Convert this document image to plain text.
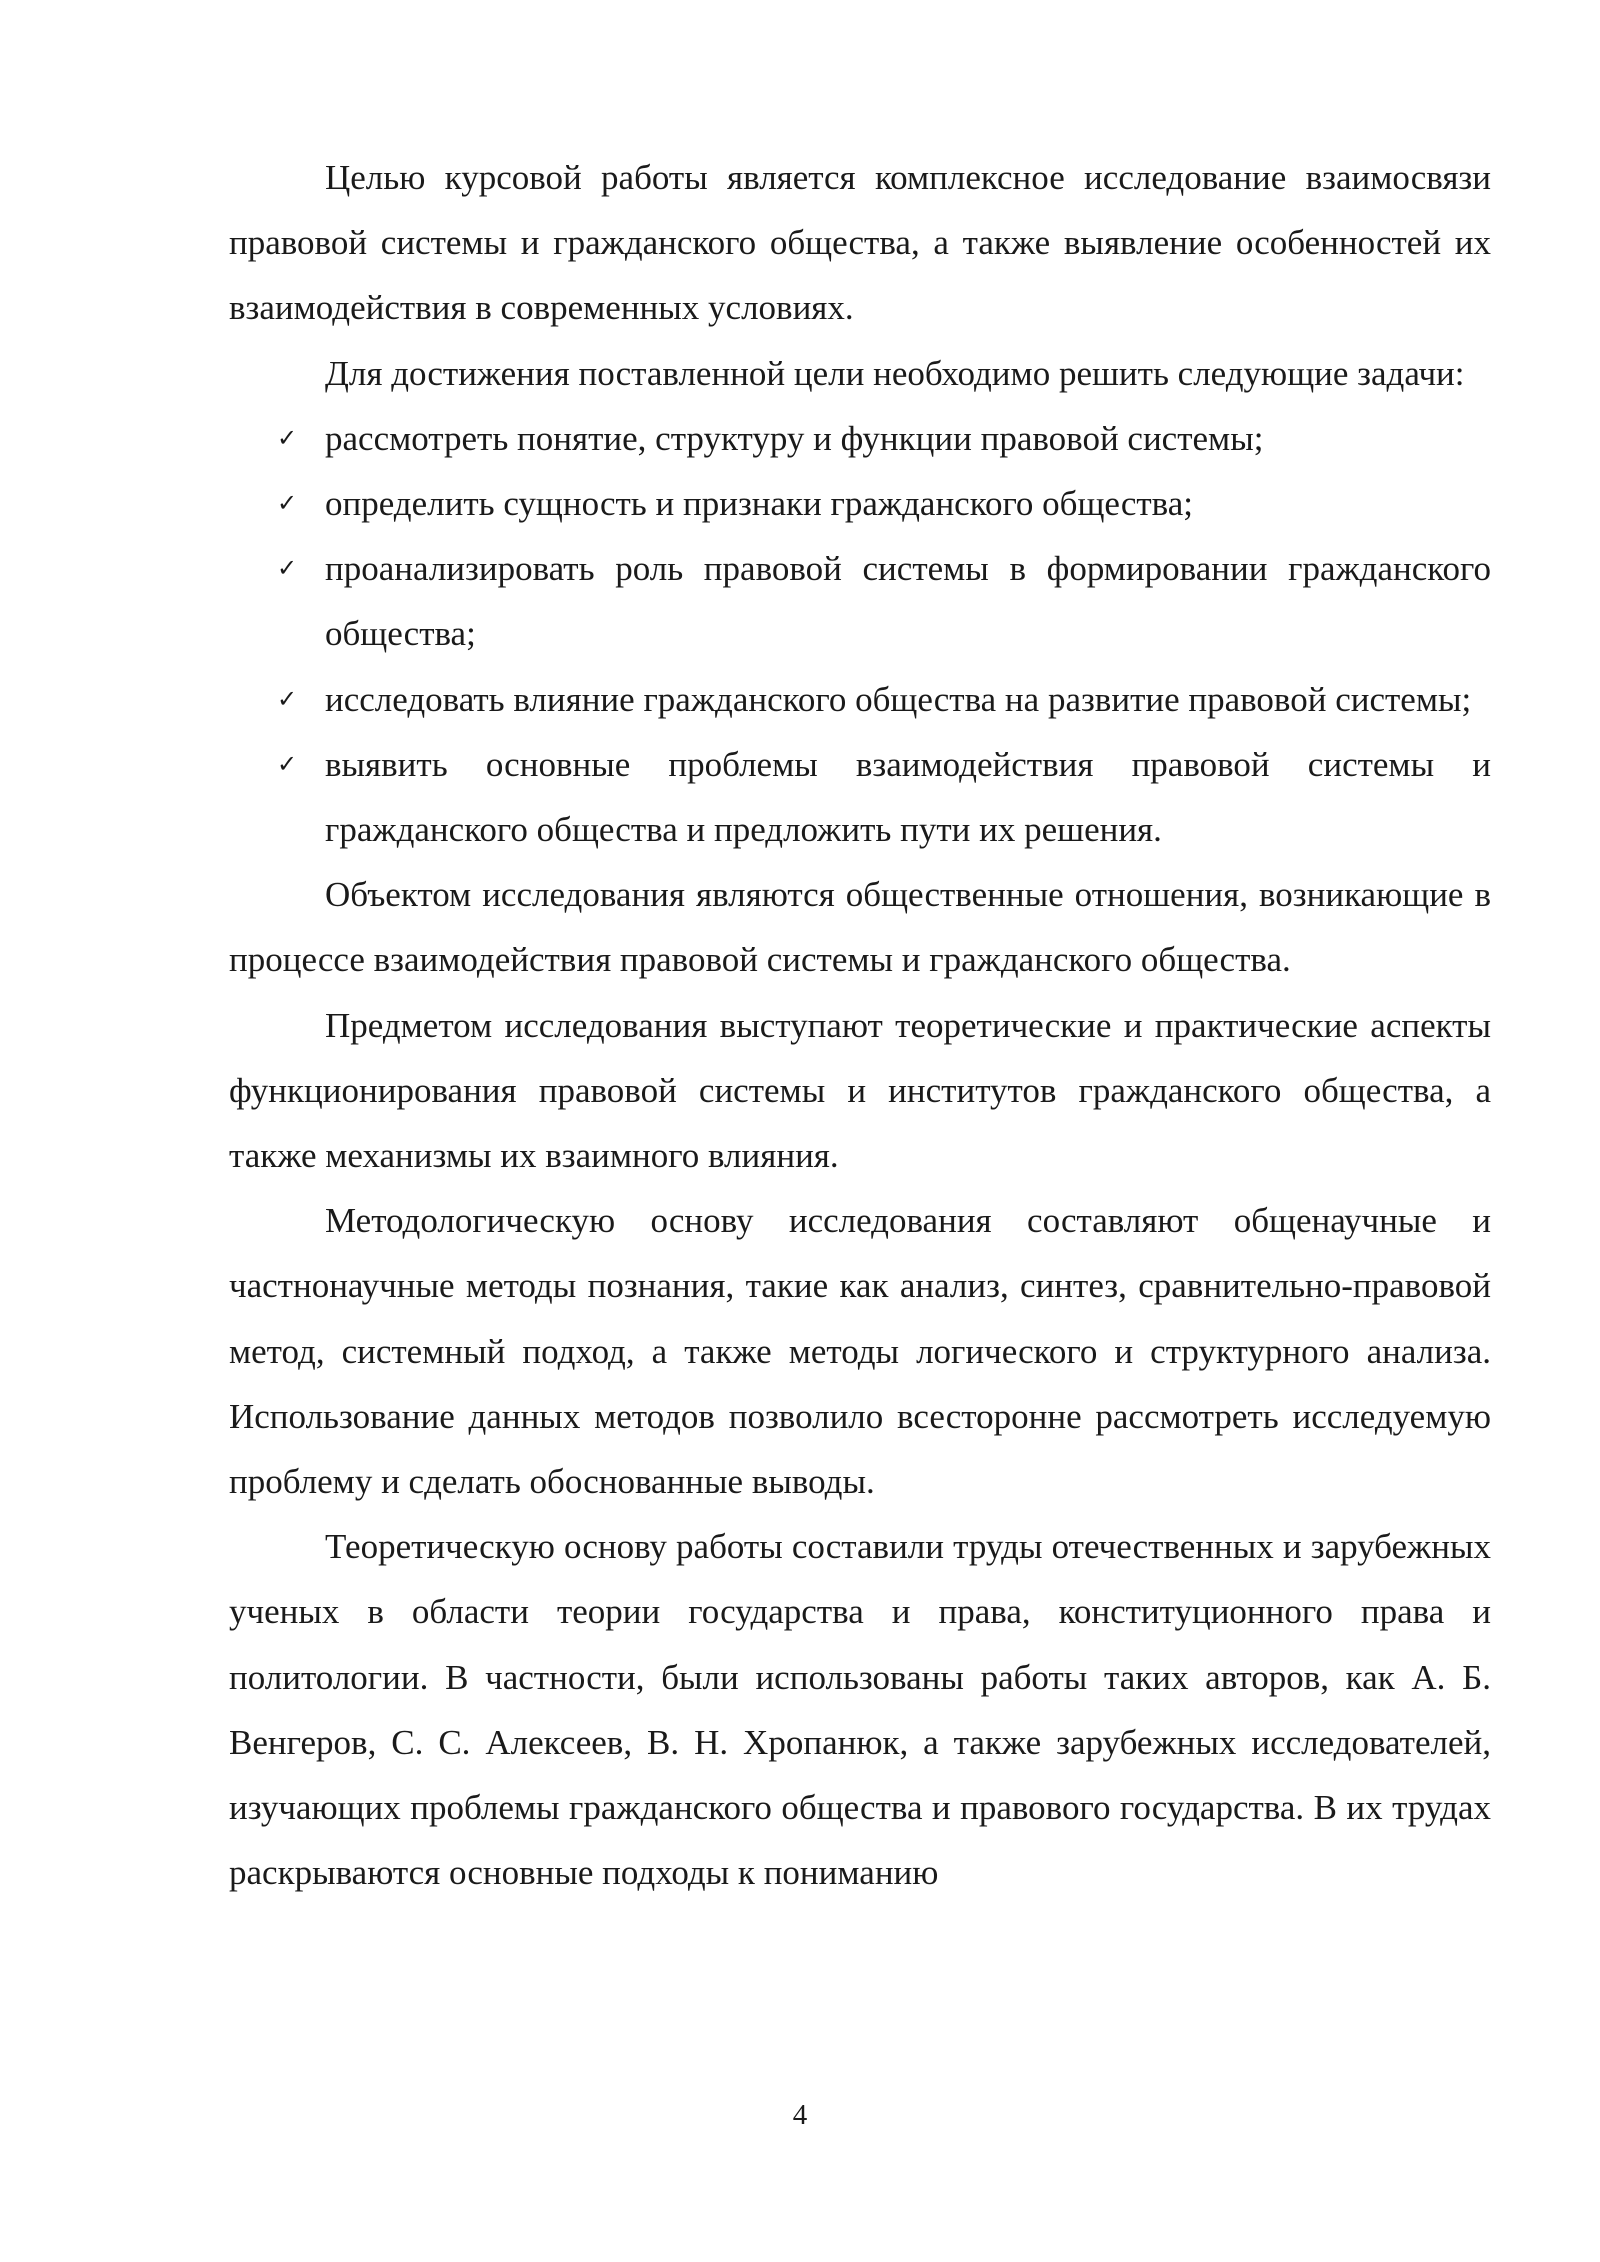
Целью курсовой работы является комплексное исследование взаимосвязи правовой системы и гражданского общества, а также выявление особенностей их взаимодействия в современных условиях.

Для достижения поставленной цели необходимо решить следующие задачи:

✓ рассмотреть понятие, структуру и функции правовой системы;
✓ определить сущность и признаки гражданского общества;
✓ проанализировать роль правовой системы в формировании гражданского общества;
✓ исследовать влияние гражданского общества на развитие правовой системы;
✓ выявить основные проблемы взаимодействия правовой системы и гражданского общества и предложить пути их решения.

Объектом исследования являются общественные отношения, возникающие в процессе взаимодействия правовой системы и гражданского общества.

Предметом исследования выступают теоретические и практические аспекты функционирования правовой системы и институтов гражданского общества, а также механизмы их взаимного влияния.

Методологическую основу исследования составляют общенаучные и частнонаучные методы познания, такие как анализ, синтез, сравнительно-правовой метод, системный подход, а также методы логического и структурного анализа. Использование данных методов позволило всесторонне рассмотреть исследуемую проблему и сделать обоснованные выводы.

Теоретическую основу работы составили труды отечественных и зарубежных ученых в области теории государства и права, конституционного права и политологии. В частности, были использованы работы таких авторов, как А. Б. Венгеров, С. С. Алексеев, В. Н. Хропанюк, а также зарубежных исследователей, изучающих проблемы гражданского общества и правового государства. В их трудах раскрываются основные подходы к пониманию

4
